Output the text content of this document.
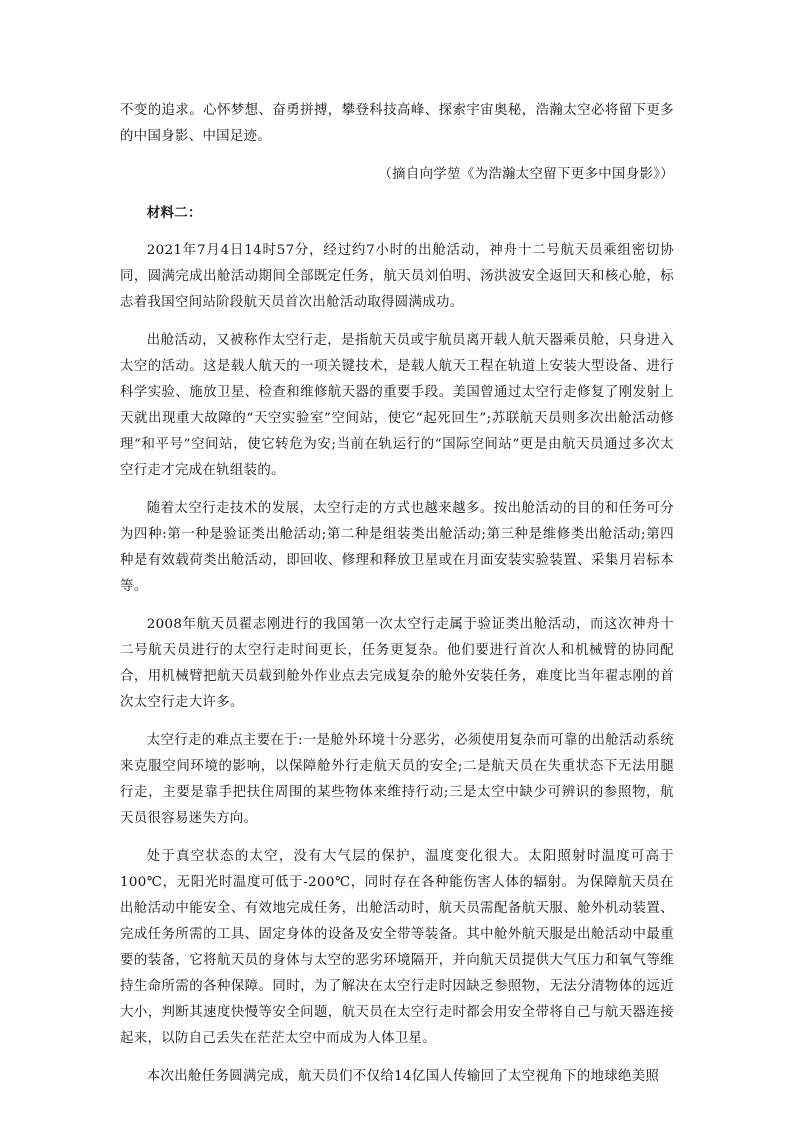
不变的追求。心怀梦想、奋勇拼搏，攀登科技高峰、探索宇宙奥秘，浩瀚太空必将留下更多的中国身影、中国足迹。

（摘自向学堃《为浩瀚太空留下更多中国身影》）

材料二：

2021年7月4日14时57分，经过约7小时的出舱活动，神舟十二号航天员乘组密切协同，圆满完成出舱活动期间全部既定任务，航天员刘伯明、汤洪波安全返回天和核心舱，标志着我国空间站阶段航天员首次出舱活动取得圆满成功。

出舱活动，又被称作太空行走，是指航天员或宇航员离开载人航天器乘员舱，只身进入太空的活动。这是载人航天的一项关键技术，是载人航天工程在轨道上安装大型设备、进行科学实验、施放卫星、检查和维修航天器的重要手段。美国曾通过太空行走修复了刚发射上天就出现重大故障的“天空实验室”空间站，使它“起死回生”;苏联航天员则多次出舱活动修理“和平号”空间站，使它转危为安;当前在轨运行的“国际空间站”更是由航天员通过多次太空行走才完成在轨组装的。

随着太空行走技术的发展，太空行走的方式也越来越多。按出舱活动的目的和任务可分为四种:第一种是验证类出舱活动;第二种是组装类出舱活动;第三种是维修类出舱活动;第四种是有效载荷类出舱活动，即回收、修理和释放卫星或在月面安装实验装置、采集月岩标本等。

2008年航天员翟志刚进行的我国第一次太空行走属于验证类出舱活动，而这次神舟十二号航天员进行的太空行走时间更长，任务更复杂。他们要进行首次人和机械臂的协同配合，用机械臂把航天员载到舱外作业点去完成复杂的舱外安装任务，难度比当年翟志刚的首次太空行走大许多。

太空行走的难点主要在于:一是舱外环境十分恶劣，必须使用复杂而可靠的出舱活动系统来克服空间环境的影响，以保障舱外行走航天员的安全;二是航天员在失重状态下无法用腿行走，主要是靠手把扶住周围的某些物体来维持行动;三是太空中缺少可辨识的参照物，航天员很容易迷失方向。

处于真空状态的太空，没有大气层的保护，温度变化很大。太阳照射时温度可高于100℃，无阳光时温度可低于-200℃，同时存在各种能伤害人体的辐射。为保障航天员在出舱活动中能安全、有效地完成任务，出舱活动时，航天员需配备航天服、舱外机动装置、完成任务所需的工具、固定身体的设备及安全带等装备。其中舱外航天服是出舱活动中最重要的装备，它将航天员的身体与太空的恶劣环境隔开，并向航天员提供大气压力和氧气等维持生命所需的各种保障。同时，为了解决在太空行走时因缺乏参照物，无法分清物体的远近大小，判断其速度快慢等安全问题，航天员在太空行走时都会用安全带将自己与航天器连接起来，以防自己丢失在茫茫太空中而成为人体卫星。

本次出舱任务圆满完成，航天员们不仅给14亿国人传输回了太空视角下的地球绝美照
